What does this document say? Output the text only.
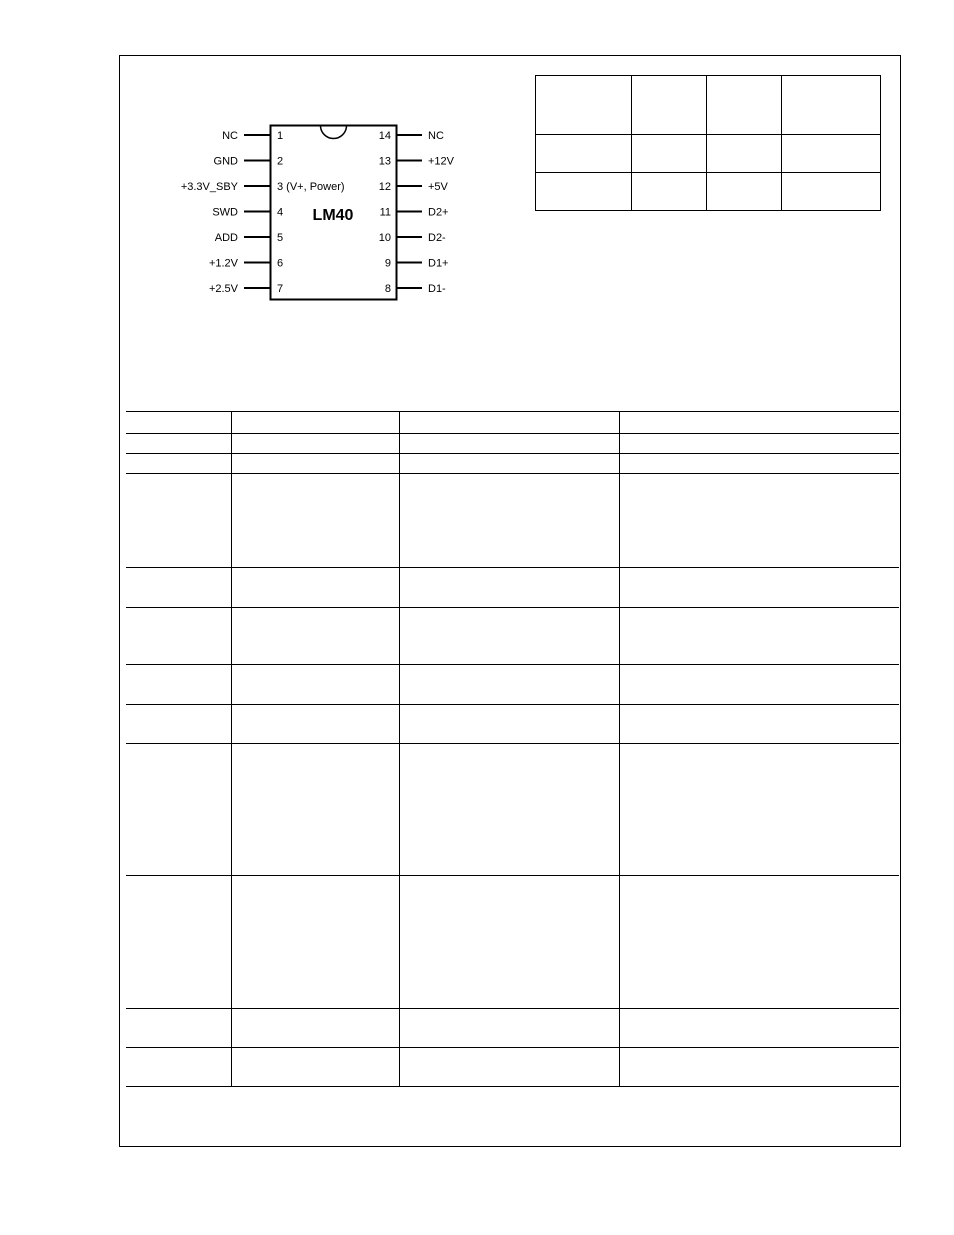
LM40
NC	1
GND	2
+3.3V_SBY	3 (V+, Power)
SWD	4
ADD	5
+1.2V	6
+2.5V	7
NC
14
+12V
13
+5V
12
D2+
11
D2-
10
D1+
9
D1-
8
